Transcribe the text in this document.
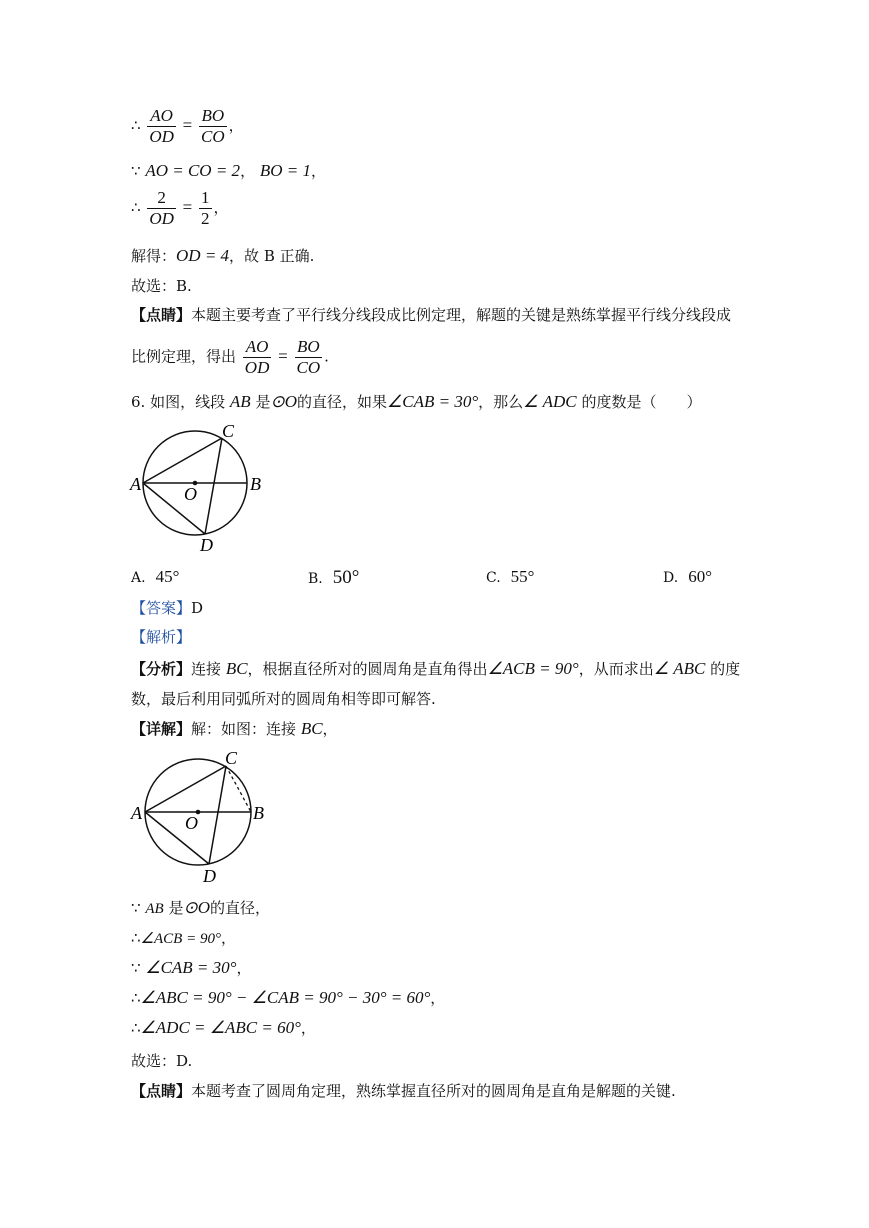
∴ $\frac{AO}{OD} = \frac{BO}{CO}$ ，
∵ AO = CO = 2， BO = 1，
∴ $\frac{2}{OD} = \frac{1}{2}$ ，
解得：OD = 4，故 B 正确.
故选：B.
【点睛】本题主要考查了平行线分线段成比例定理，解题的关键是熟练掌握平行线分线段成
比例定理，得出 $\frac{AO}{OD} = \frac{BO}{CO}$ .
6. 如图，线段 AB 是⊙O的直径，如果∠CAB = 30°，那么∠ ADC 的度数是（　　）
A	B
C
D
O
A. 45°	B. 50°	C. 55°	D. 60°
【答案】D
【解析】
【分析】连接 BC，根据直径所对的圆周角是直角得出∠ACB = 90°，从而求出∠ ABC 的度
数，最后利用同弧所对的圆周角相等即可解答.
【详解】解：如图：连接 BC，
A	B
C
D
O
∵ AB 是⊙O的直径，
∴∠ACB = 90°，
∵ ∠CAB = 30°，
∴∠ABC = 90° − ∠CAB = 90° − 30° = 60°，
∴∠ADC = ∠ABC = 60°，
故选：D.
【点睛】本题考查了圆周角定理，熟练掌握直径所对的圆周角是直角是解题的关键.
